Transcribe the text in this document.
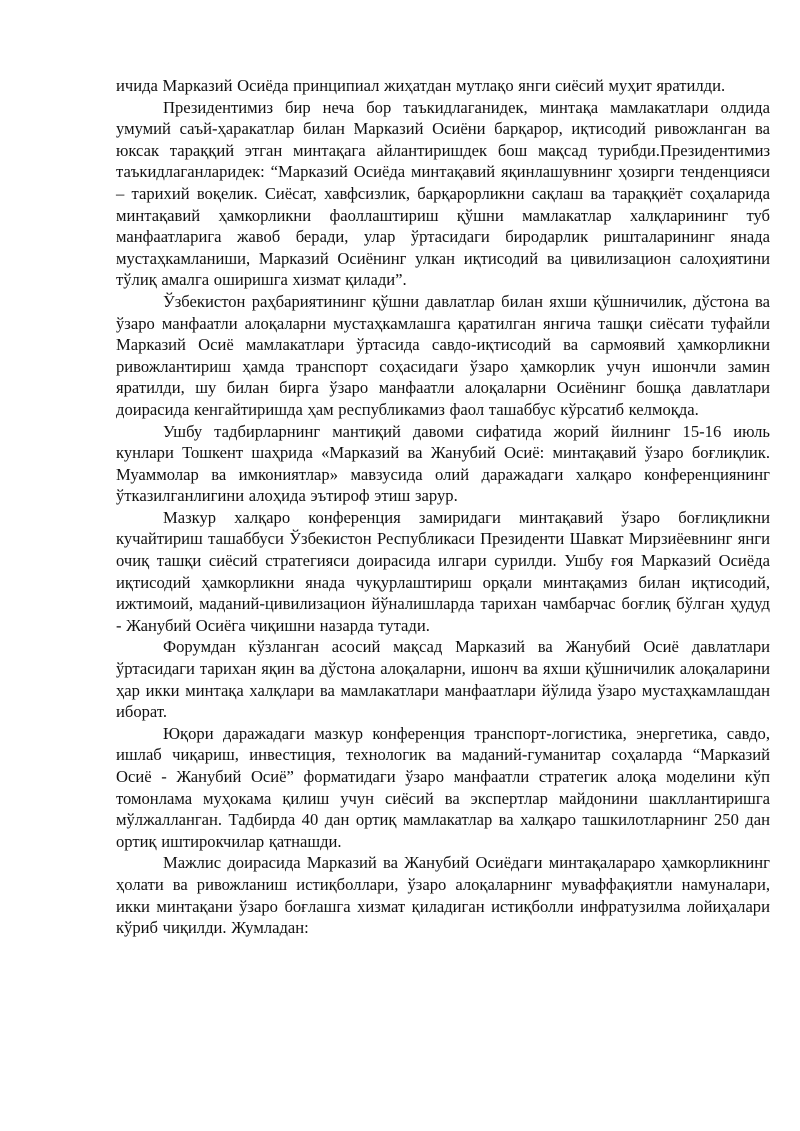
ичида Марказий Осиёда принципиал жиҳатдан мутлақо янги сиёсий муҳит яратилди.

Президентимиз бир неча бор таъкидлаганидек, минтақа мамлакатлари олдида умумий саъй-ҳаракатлар билан Марказий Осиёни барқарор, иқтисодий ривожланган ва юксак тараққий этган минтақага айлантиришдек бош мақсад турибди.Президентимиз таъкидлаганларидек: “Марказий Осиёда минтақавий яқинлашувнинг ҳозирги тенденцияси – тарихий воқелик. Сиёсат, хавфсизлик, барқарорликни сақлаш ва тараққиёт соҳаларида минтақавий ҳамкорликни фаоллаштириш қўшни мамлакатлар халқларининг туб манфаатларига жавоб беради, улар ўртасидаги бирoдарлик ришталарининг янада мустаҳкамланиши, Марказий Осиёнинг улкан иқтисодий ва цивилизацион салоҳиятини тўлиқ амалга оширишга хизмат қилади”.

Ўзбекистон раҳбариятининг қўшни давлатлар билан яхши қўшничилик, дўстона ва ўзаро манфаатли алоқаларни мустаҳкамлашга қаратилган янгича ташқи сиёсати туфайли Марказий Осиё мамлакатлари ўртасида савдо-иқтисодий ва сармоявий ҳамкорликни ривожлантириш ҳамда транспорт соҳасидаги ўзаро ҳамкорлик учун ишончли замин яратилди, шу билан бирга ўзаро манфаатли алоқаларни Осиёнинг бошқа давлатлари доирасида кенгайтиришда ҳам республикамиз фаол ташаббус кўрсатиб келмоқда.

Ушбу тадбирларнинг мантиқий давоми сифатида жорий йилнинг 15-16 июль кунлари Тошкент шаҳрида «Марказий ва Жанубий Осиё: минтақавий ўзаро боғлиқлик. Муаммолар ва имкониятлар» мавзусида олий даражадаги халқаро конференциянинг ўтказилганлигини алоҳида эътироф этиш зарур.

Мазкур халқаро конференция замиридаги минтақавий ўзаро боғлиқликни кучайтириш ташаббуси Ўзбекистон Республикаси Президенти Шавкат Мирзиёевнинг янги очиқ ташқи сиёсий стратегияси доирасида илгари сурилди. Ушбу ғоя Марказий Осиёда иқтисодий ҳамкорликни янада чуқурлаштириш орқали минтақамиз билан иқтисодий, ижтимоий, маданий-цивилизацион йўналишларда тарихан чамбарчас боғлиқ бўлган ҳудуд - Жанубий Осиёга чиқишни назарда тутади.

Форумдан кўзланган асосий мақсад Марказий ва Жанубий Осиё давлатлари ўртасидаги тарихан яқин ва дўстона алоқаларни, ишонч ва яхши қўшничилик алоқаларини ҳар икки минтақа халқлари ва мамлакатлари манфаатлари йўлида ўзаро мустаҳкамлашдан иборат.

Юқори даражадаги мазкур конференция транспорт-логистика, энергетика, савдо, ишлаб чиқариш, инвестиция, технологик ва маданий-гуманитар соҳаларда “Марказий Осиё - Жанубий Осиё” форматидаги ўзаро манфаатли стратегик алоқа моделини кўп томонлама муҳокама қилиш учун сиёсий ва экспертлар майдонини шакллантиришга мўлжалланган. Тадбирда 40 дан ортиқ мамлакатлар ва халқаро ташкилотларнинг 250 дан ортиқ иштирокчилар қатнашди.

Мажлис доирасида Марказий ва Жанубий Осиёдаги минтақалараро ҳамкорликнинг ҳолати ва ривожланиш истиқболлари, ўзаро алоқаларнинг муваффақиятли намуналари, икки минтақани ўзаро боғлашга хизмат қиладиган истиқболли инфратузилма лойиҳалари кўриб чиқилди. Жумладан:
